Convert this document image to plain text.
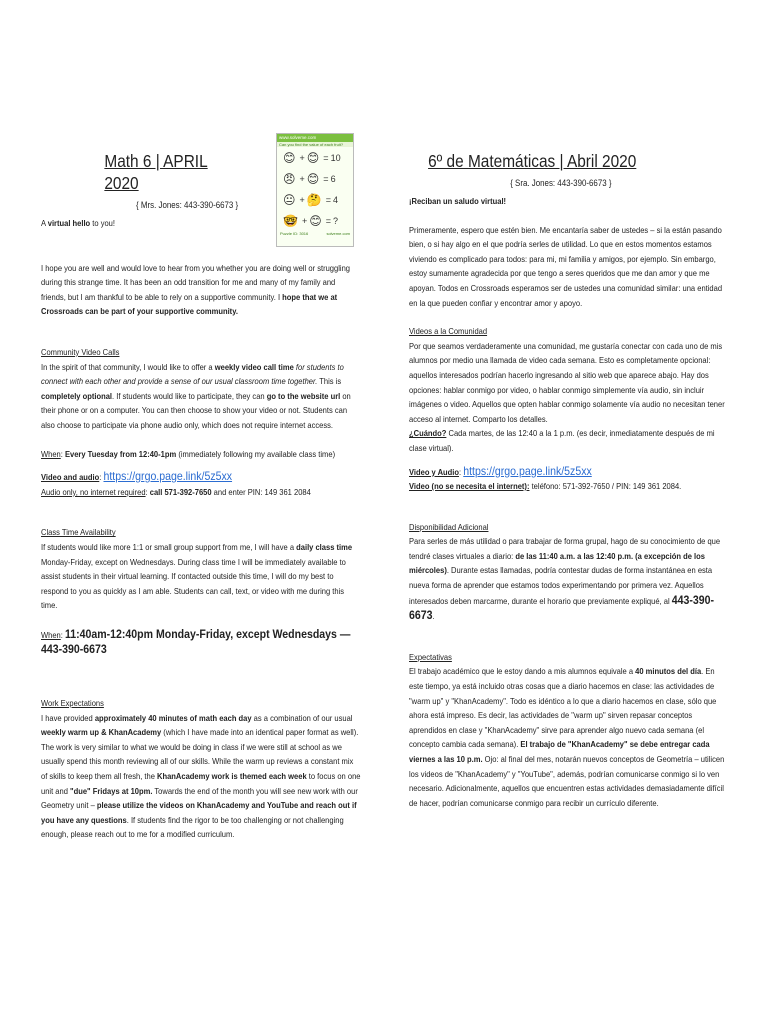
www.solveme.com
Can you find the value of each fruit?
😊 + 😊 = 10
😠 + 😊 = 6
😐 + 🤔 = 4
🤓 + 😊 = ?
Puzzle ID: 3016	solveme.com
Math 6 | APRIL 2020
{ Mrs. Jones: 443-390-6673 }

A virtual hello to you!

I hope you are well and would love to hear from you whether you are doing well or struggling during this strange time. It has been an odd transition for me and many of my family and friends, but I am thankful to be able to rely on a supportive community. I hope that we at Crossroads can be part of your supportive community.

Community Video Calls

In the spirit of that community, I would like to offer a weekly video call time for students to connect with each other and provide a sense of our usual classroom time together. This is completely optional. If students would like to participate, they can go to the website url on their phone or on a computer. You can then choose to show your video or not. Students can also choose to participate via phone audio only, which does not require internet access.

When: Every Tuesday from 12:40-1pm (immediately following my available class time)

Video and audio: https://grgo.page.link/5z5xx

Audio only, no internet required: call 571-392-7650 and enter PIN: 149 361 2084

Class Time Availability

If students would like more 1:1 or small group support from me, I will have a daily class time Monday-Friday, except on Wednesdays. During class time I will be immediately available to assist students in their virtual learning. If contacted outside this time, I will do my best to respond to you as quickly as I am able. Students can call, text, or video with me during this time.

When: 11:40am-12:40pm Monday-Friday, except Wednesdays — 443-390-6673

Work Expectations

I have provided approximately 40 minutes of math each day as a combination of our usual weekly warm up & KhanAcademy (which I have made into an identical paper format as well). The work is very similar to what we would be doing in class if we were still at school as we usually spend this month reviewing all of our skills. While the warm up reviews a constant mix of skills to keep them all fresh, the KhanAcademy work is themed each week to focus on one unit and "due" Fridays at 10pm. Towards the end of the month you will see new work with our Geometry unit – please utilize the videos on KhanAcademy and YouTube and reach out if you have any questions. If students find the rigor to be too challenging or not challenging enough, please reach out to me for a modified curriculum.

6º de Matemáticas | Abril 2020
{ Sra. Jones: 443-390-6673 }

¡Reciban un saludo virtual!

Primeramente, espero que estén bien. Me encantaría saber de ustedes – si la están pasando bien, o si hay algo en el que podría serles de utilidad. Lo que en estos momentos estamos viviendo es complicado para todos: para mi, mi familia y amigos, por ejemplo. Sin embargo, estoy sumamente agradecida por que tengo a seres queridos que me dan amor y que me apoyan. Todos en Crossroads esperamos ser de ustedes una comunidad similar: una entidad en la que pueden confiar y encontrar amor y apoyo.

Videos a la Comunidad

Por que seamos verdaderamente una comunidad, me gustaría conectar con cada uno de mis alumnos por medio una llamada de video cada semana. Esto es completamente opcional: aquellos interesados podrían hacerlo ingresando al sitio web que aparece abajo. Hay dos opciones: hablar conmigo por video, o hablar conmigo simplemente vía audio, sin incluir imágenes o video. Aquellos que opten hablar conmigo solamente vía audio no necesitan tener acceso al internet. Comparto los detalles.

¿Cuándo? Cada martes, de las 12:40 a la 1 p.m. (es decir, inmediatamente después de mi clase virtual).

Video y Audio: https://grgo.page.link/5z5xx

Video (no se necesita el internet): teléfono: 571-392-7650 / PIN: 149 361 2084.

Disponibilidad Adicional

Para serles de más utilidad o para trabajar de forma grupal, hago de su conocimiento de que tendré clases virtuales a diario: de las 11:40 a.m. a las 12:40 p.m. (a excepción de los miércoles). Durante estas llamadas, podría contestar dudas de forma instantánea en esta nueva forma de aprender que estamos todos experimentando por primera vez. Aquellos interesados deben marcarme, durante el horario que previamente expliqué, al 443-390-6673.

Expectativas

El trabajo académico que le estoy dando a mis alumnos equivale a 40 minutos del día. En este tiempo, ya está incluido otras cosas que a diario hacemos en clase: las actividades de "warm up" y "KhanAcademy". Todo es idéntico a lo que a diario hacemos en clase, sólo que ahora está impreso. Es decir, las actividades de "warm up" sirven repasar conceptos aprendidos en clase y "KhanAcademy" sirve para aprender algo nuevo cada semana (el concepto cambia cada semana). El trabajo de "KhanAcademy" se debe entregar cada viernes a las 10 p.m. Ojo: al final del mes, notarán nuevos conceptos de Geometría – utilicen los videos de "KhanAcademy" y "YouTube", además, podrían comunicarse conmigo si lo ven necesario. Adicionalmente, aquellos que encuentren estas actividades demasiadamente difícil de hacer, podrían comunicarse conmigo para recibir un currículo diferente.
